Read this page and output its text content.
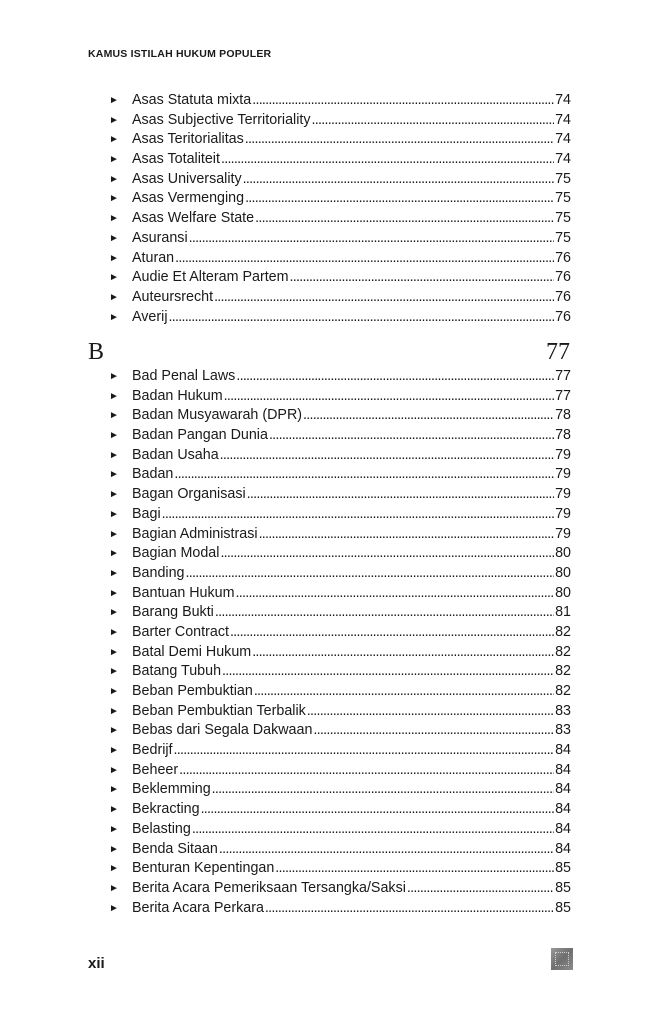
KAMUS ISTILAH HUKUM POPULER
► Asas Statuta mixta . . .	74
► Asas Subjective Territoriality . . .	74
► Asas Teritorialitas . . .	74
► Asas Totaliteit . . .	74
► Asas Universality . . .	75
► Asas Vermenging . . .	75
► Asas Welfare State . . .	75
► Asuransi . . .	75
► Aturan . . .	76
► Audie Et Alteram Partem . . .	76
► Auteursrecht . . .	76
► Averij . . .	76
B	77
► Bad Penal Laws . . .	77
► Badan Hukum . . .	77
► Badan Musyawarah (DPR) . . .	78
► Badan Pangan Dunia . . .	78
► Badan Usaha . . .	79
► Badan . . .	79
► Bagan Organisasi . . .	79
► Bagi . . .	79
► Bagian Administrasi . . .	79
► Bagian Modal . . .	80
► Banding . . .	80
► Bantuan Hukum . . .	80
► Barang Bukti . . .	81
► Barter Contract . . .	82
► Batal Demi Hukum . . .	82
► Batang Tubuh . . .	82
► Beban Pembuktian . . .	82
► Beban Pembuktian Terbalik . . .	83
► Bebas dari Segala Dakwaan . . .	83
► Bedrijf . . .	84
► Beheer . . .	84
► Beklemming . . .	84
► Bekracting . . .	84
► Belasting . . .	84
► Benda Sitaan . . .	84
► Benturan Kepentingan . . .	85
► Berita Acara Pemeriksaan Tersangka/Saksi . . .	85
► Berita Acara Perkara . . .	85
xii
